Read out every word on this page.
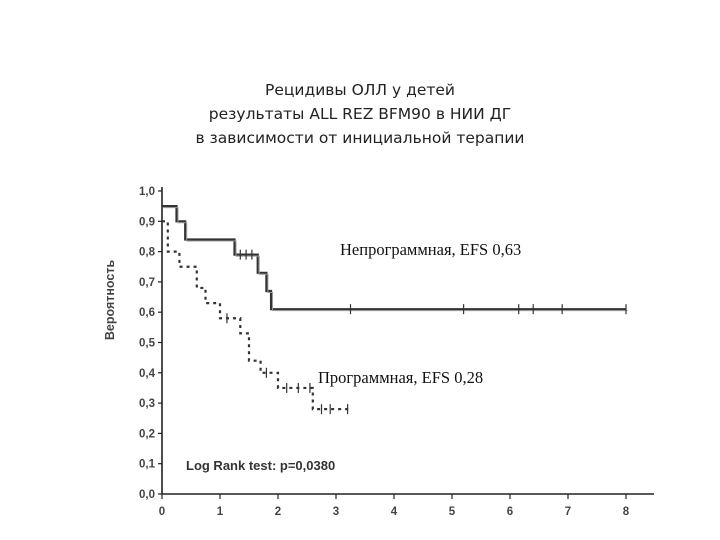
Рецидивы ОЛЛ у детей
результаты ALL REZ BFM90 в НИИ ДГ
в зависимости от инициальной терапии
Вероятность
0,0
0,1
0,2
0,3
0,4
0,5
0,6
0,7
0,8
0,9
1,0
0	1	2	3	4	5	6	7	8
Непрограммная, EFS 0,63
Программная, EFS 0,28
Log Rank test: p=0,0380
